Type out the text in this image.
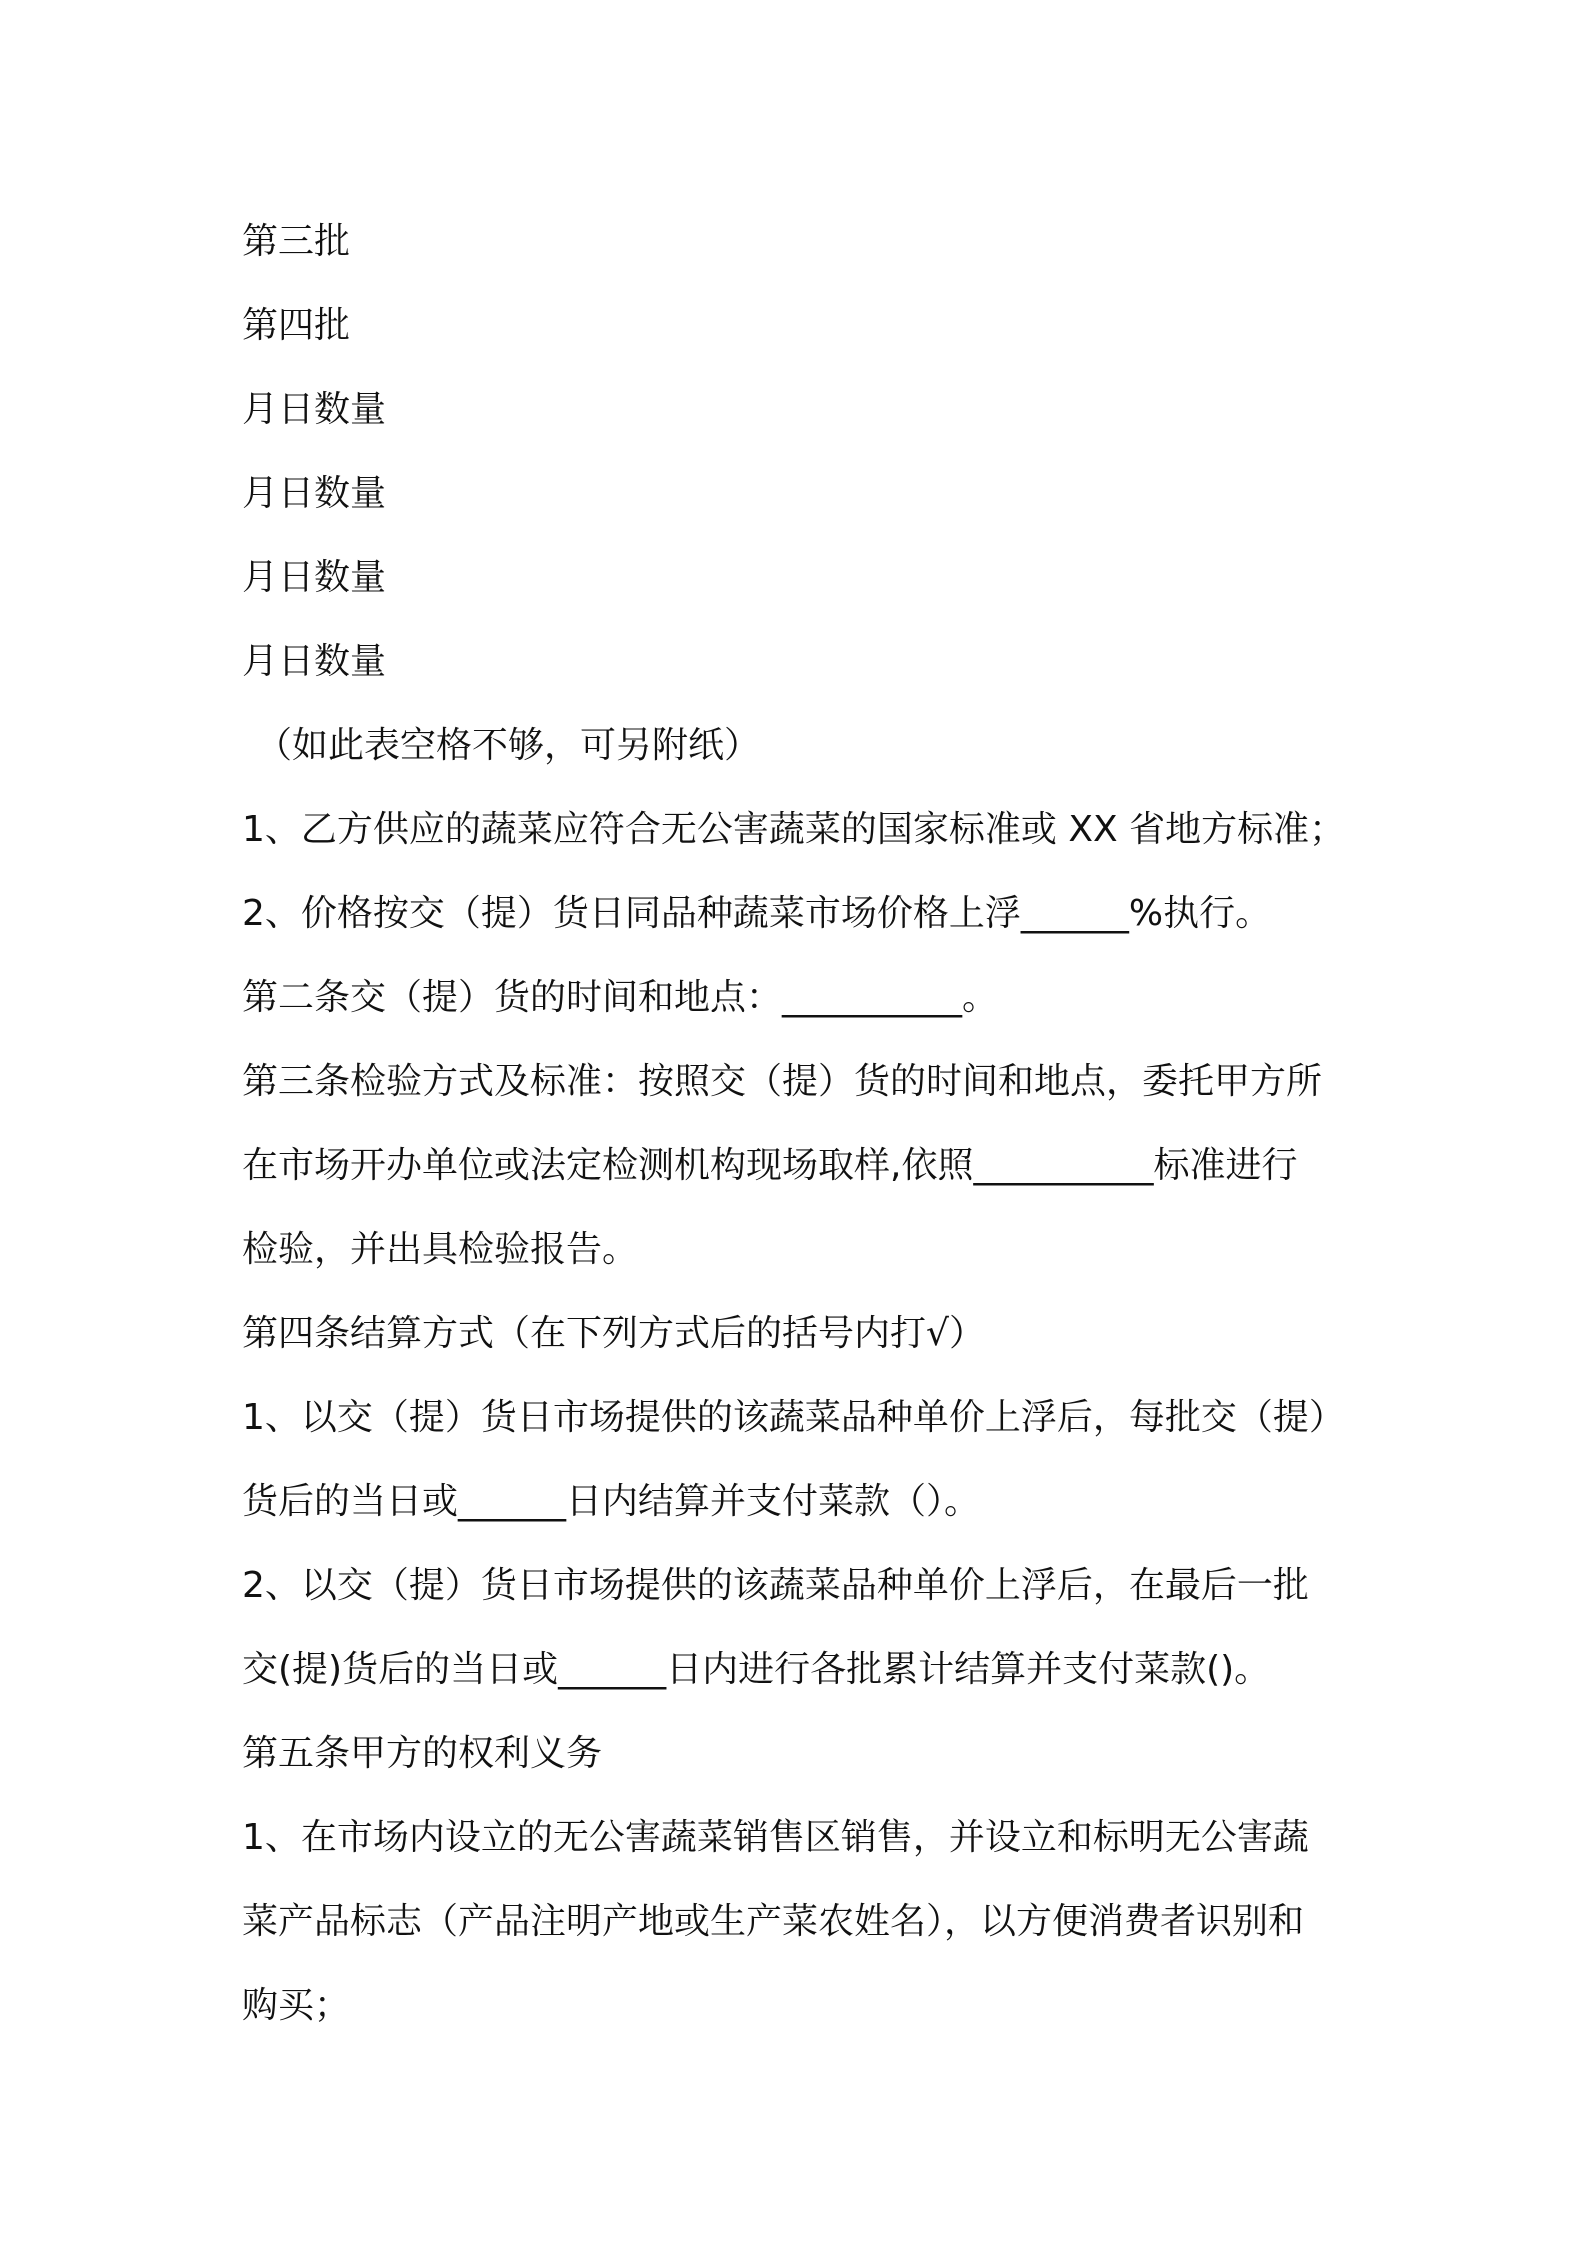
第三批
第四批
月日数量
月日数量
月日数量
月日数量
（如此表空格不够，可另附纸）
1、乙方供应的蔬菜应符合无公害蔬菜的国家标准或 XX 省地方标准；
2、价格按交（提）货日同品种蔬菜市场价格上浮______%执行。
第二条交（提）货的时间和地点：__________。
第三条检验方式及标准：按照交（提）货的时间和地点，委托甲方所
在市场开办单位或法定检测机构现场取样,依照__________标准进行
检验，并出具检验报告。
第四条结算方式（在下列方式后的括号内打√）
1、以交（提）货日市场提供的该蔬菜品种单价上浮后，每批交（提）
货后的当日或______日内结算并支付菜款（）。
2、以交（提）货日市场提供的该蔬菜品种单价上浮后，在最后一批
交(提)货后的当日或______日内进行各批累计结算并支付菜款()。
第五条甲方的权利义务
1、在市场内设立的无公害蔬菜销售区销售，并设立和标明无公害蔬
菜产品标志（产品注明产地或生产菜农姓名），以方便消费者识别和
购买；
